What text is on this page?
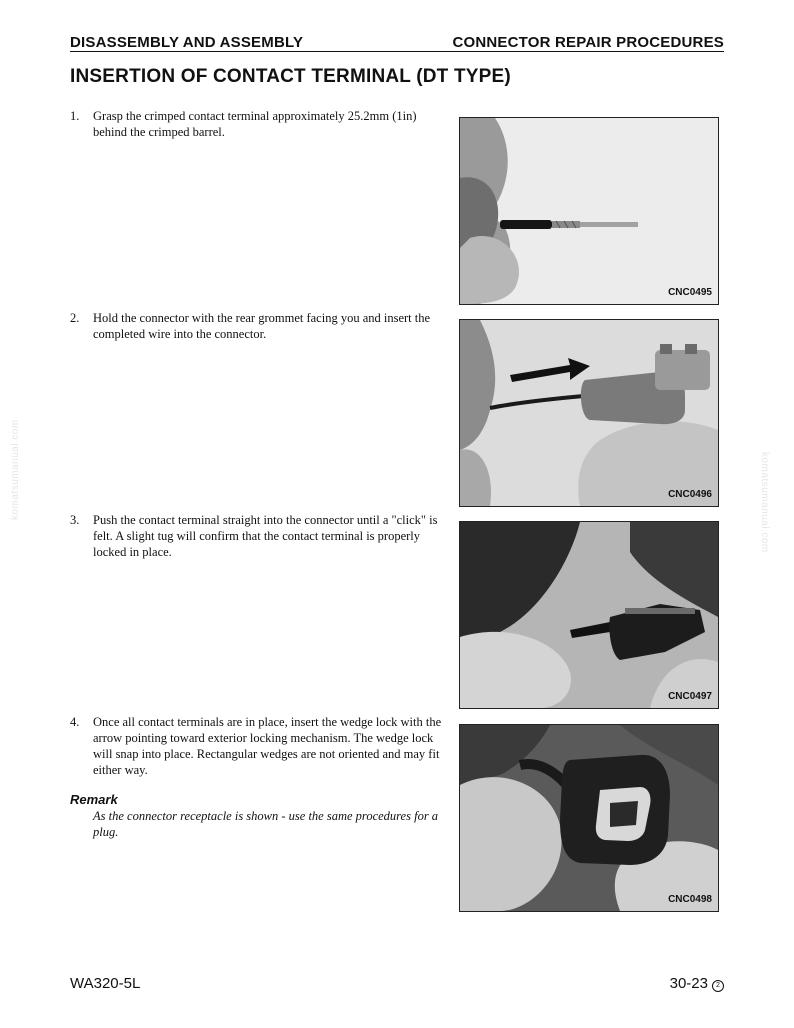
DISASSEMBLY AND ASSEMBLY	CONNECTOR REPAIR PROCEDURES
INSERTION OF CONTACT TERMINAL (DT TYPE)
1. Grasp the crimped contact terminal approximately 25.2mm (1in) behind the crimped barrel.
2. Hold the connector with the rear grommet facing you and insert the completed wire into the connector.
3. Push the contact terminal straight into the connector until a "click" is felt. A slight tug will confirm that the contact terminal is properly locked in place.
4. Once all contact terminals are in place, insert the wedge lock with the arrow pointing toward exterior locking mechanism. The wedge lock will snap into place. Rectangular wedges are not oriented and may fit either way.
Remark
As the connector receptacle is shown - use the same procedures for a plug.
CNC0495
CNC0496
CNC0497
CNC0498
komatsumanual.com	komatsumanual.com
WA320-5L	30-23 2
